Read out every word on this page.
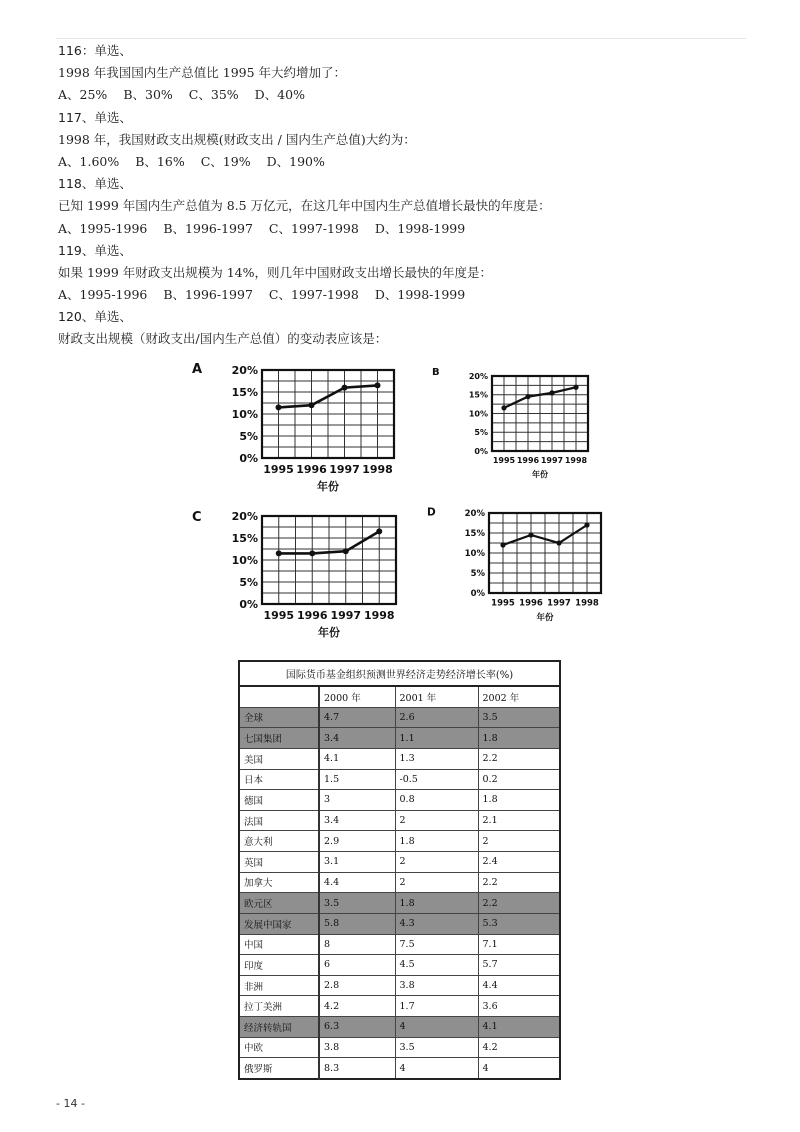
116：单选、
1998 年我国国内生产总值比 1995 年大约增加了：
A、25% B、30% C、35% D、40%
117、单选、
1998 年，我国财政支出规模(财政支出 / 国内生产总值)大约为：
A、1.60% B、16% C、19% D、190%
118、单选、
已知 1999 年国内生产总值为 8.5 万亿元，在这几年中国内生产总值增长最快的年度是：
A、1995-1996 B、1996-1997 C、1997-1998 D、1998-1999
119、单选、
如果 1999 年财政支出规模为 14%，则几年中国财政支出增长最快的年度是：
A、1995-1996 B、1996-1997 C、1997-1998 D、1998-1999
120、单选、
财政支出规模（财政支出/国内生产总值）的变动表应该是：
A	20%
15%
10%
5%
0%
1995 1996 1997 1998
年份
B	20%
15%
10%
5%
0%
1995 1996 1997 1998
年份
C	20%
15%
10%
5%
0%
1995 1996 1997 1998
年份
D	20%
15%
10%
5%
0%
1995 1996 1997 1998
年份
国际货币基金组织预测世界经济走势经济增长率(%)			
	2000 年	2001 年	2002 年
全球	4.7	2.6	3.5
七国集团	3.4	1.1	1.8
美国	4.1	1.3	2.2
日本	1.5	-0.5	0.2
德国	3	0.8	1.8
法国	3.4	2	2.1
意大利	2.9	1.8	2
英国	3.1	2	2.4
加拿大	4.4	2	2.2
欧元区	3.5	1.8	2.2
发展中国家	5.8	4.3	5.3
中国	8	7.5	7.1
印度	6	4.5	5.7
非洲	2.8	3.8	4.4
拉丁美洲	4.2	1.7	3.6
经济转轨国	6.3	4	4.1
中欧	3.8	3.5	4.2
俄罗斯	8.3	4	4
- 14 -
